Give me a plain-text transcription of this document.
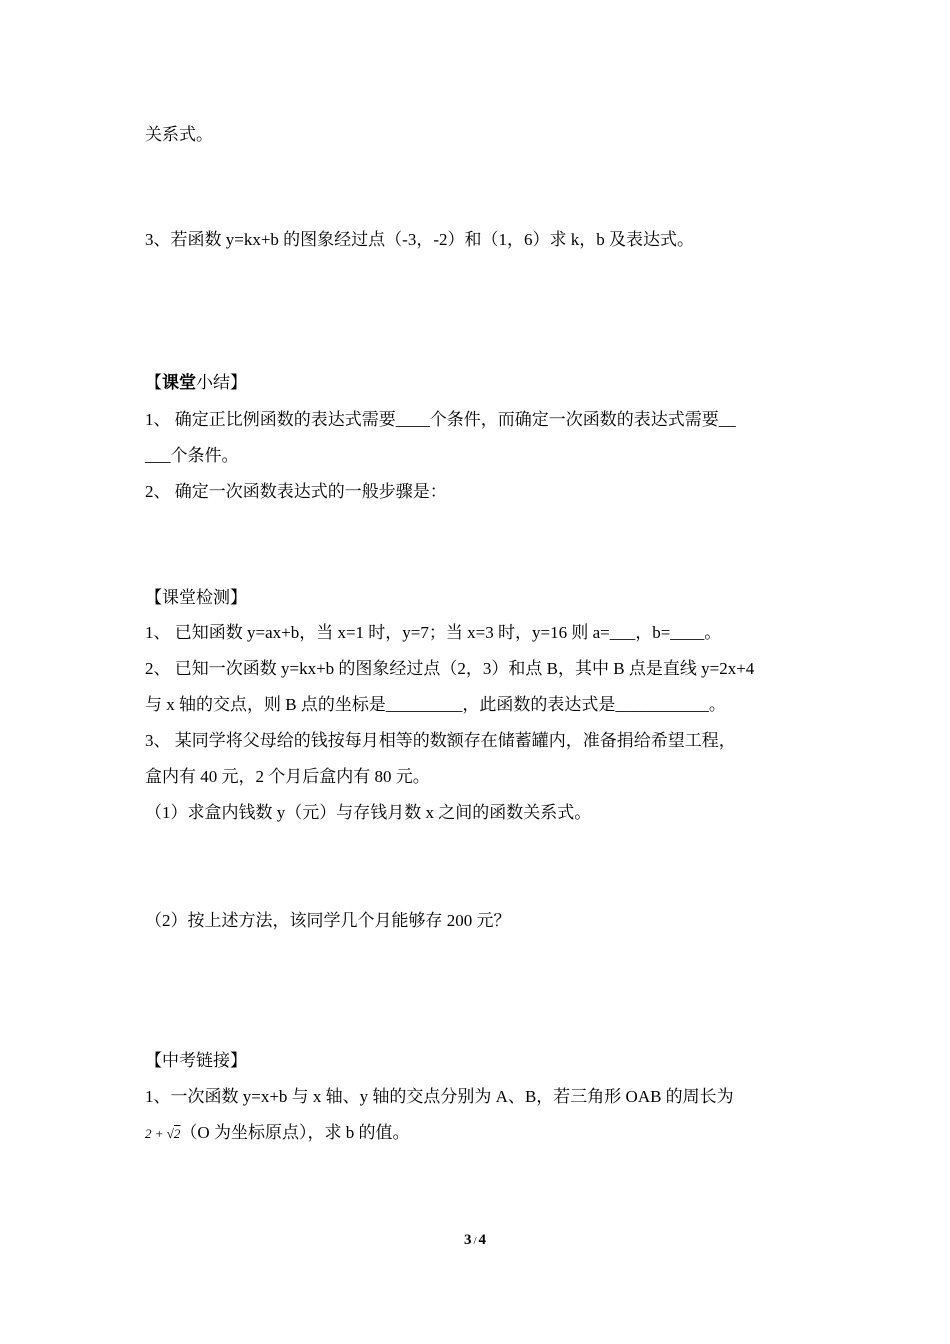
关系式。
3、若函数 y=kx+b 的图象经过点（-3，-2）和（1，6）求 k，b 及表达式。
【课堂小结】
1、 确定正比例函数的表达式需要____个条件，而确定一次函数的表达式需要__
___个条件。
2、 确定一次函数表达式的一般步骤是：
【课堂检测】
1、 已知函数 y=ax+b，当 x=1 时，y=7；当 x=3 时，y=16 则 a=___，b=____。
2、 已知一次函数 y=kx+b 的图象经过点（2，3）和点 B，其中 B 点是直线 y=2x+4
与 x 轴的交点，则 B 点的坐标是_________，此函数的表达式是___________。
3、 某同学将父母给的钱按每月相等的数额存在储蓄罐内，准备捐给希望工程，
盒内有 40 元，2 个月后盒内有 80 元。
（1）求盒内钱数 y（元）与存钱月数 x 之间的函数关系式。
（2）按上述方法，该同学几个月能够存 200 元？
【中考链接】
1、一次函数 y=x+b 与 x 轴、y 轴的交点分别为 A、B，若三角形 OAB 的周长为
2 + √2（O 为坐标原点），求 b 的值。
3 / 4
